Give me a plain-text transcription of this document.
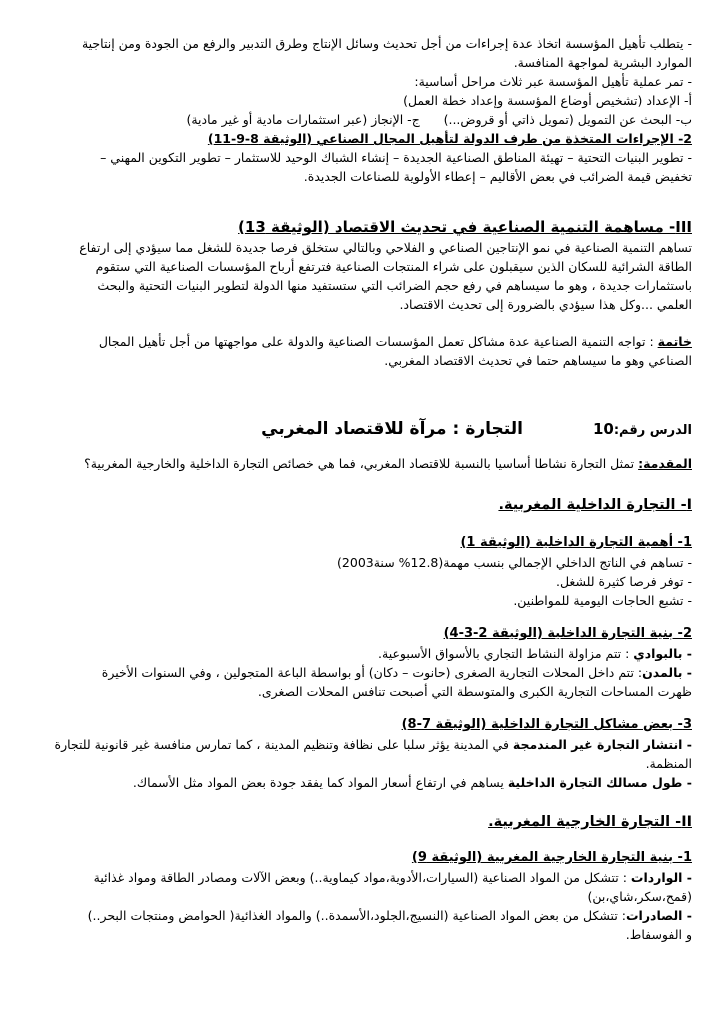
- يتطلب تأهيل المؤسسة اتخاذ عدة إجراءات من أجل تحديث وسائل الإنتاج وطرق التدبير والرفع من الجودة ومن إنتاجية
الموارد البشرية لمواجهة المنافسة.
- تمر عملية تأهيل المؤسسة عبر ثلاث مراحل أساسية:
أ- الإعداد (تشخيص أوضاع المؤسسة وإعداد خطة العمل)
ب- البحث عن التمويل (تمويل ذاتي أو قروض...)      ج- الإنجاز (عبر استثمارات مادية أو غير مادية)
2- الإجراءات المتخذة من طرف الدولة لتأهيل المجال الصناعي (الوثيقة 8-9-11)
- تطوير البنيات التحتية – تهيئة المناطق الصناعية الجديدة – إنشاء الشباك الوحيد للاستثمار – تطوير التكوين المهني –
تخفيض قيمة الضرائب في بعض الأقاليم – إعطاء الأولوية للصناعات الجديدة.
III- مساهمة التنمية الصناعية في تحديث الاقتصاد (الوثيقة 13)
تساهم التنمية الصناعية في نمو الإنتاجين الصناعي و الفلاحي وبالتالي ستخلق فرصا جديدة للشغل مما سيؤدي إلى ارتفاع
الطاقة الشرائية للسكان الذين سيقبلون على شراء المنتجات الصناعية فترتفع أرباح المؤسسات الصناعية التي ستقوم
باستثمارات جديدة ، وهو ما سيساهم في رفع حجم الضرائب التي ستستفيد منها الدولة لتطوير البنيات التحتية والبحث
العلمي ...وكل هذا سيؤدي بالضرورة إلى تحديث الاقتصاد.
خاتمة : تواجه التنمية الصناعية عدة مشاكل تعمل المؤسسات الصناعية والدولة على مواجهتها من أجل تأهيل المجال
الصناعي وهو ما سيساهم حتما في تحديث الاقتصاد المغربي.
الدرس رقم:
10
التجارة
:
مرآة للاقتصاد المغربي
المقدمة: تمثل التجارة نشاطا أساسيا بالنسبة للاقتصاد المغربي، فما هي خصائص التجارة الداخلية والخارجية المغربية؟
I- التجارة الداخلية المغربية.
1- أهمية التجارة الداخلية (الوثيقة 1)
- تساهم في الناتج الداخلي الإجمالي بنسب مهمة(12.8% سنة2003)
- توفر فرصا كثيرة للشغل.
- تشبع الحاجات اليومية للمواطنين.
2- بنية التجارة الداخلية (الوثيقة 2-3-4)
- بالبوادي : تتم مزاولة النشاط التجاري بالأسواق الأسبوعية.
- بالمدن: تتم داخل المحلات التجارية الصغرى (حانوت – دكان) أو بواسطة الباعة المتجولين ، وفي السنوات الأخيرة
ظهرت المساحات التجارية الكبرى والمتوسطة التي أصبحت تنافس المحلات الصغرى.
3- بعض مشاكل التجارة الداخلية (الوثيقة 7-8)
- انتشار التجارة غير المندمجة في المدينة يؤثر سلبا على نظافة وتنظيم المدينة ، كما تمارس منافسة غير قانونية للتجارة
المنظمة.
- طول مسالك التجارة الداخلية يساهم في ارتفاع أسعار المواد كما يفقد جودة بعض المواد مثل الأسماك.
II- التجارة الخارجية المغربية.
1- بنية التجارة الخارجية المغربية (الوثيقة 9)
- الواردات : تتشكل من المواد الصناعية (السيارات،الأدوية،مواد كيماوية..) وبعض الآلات ومصادر الطاقة ومواد غذائية
(قمح،سكر،شاي،بن)
- الصادرات: تتشكل من بعض المواد الصناعية (النسيج،الجلود،الأسمدة..) والمواد الغذائية( الحوامض ومنتجات البحر..)
و الفوسفاط.
